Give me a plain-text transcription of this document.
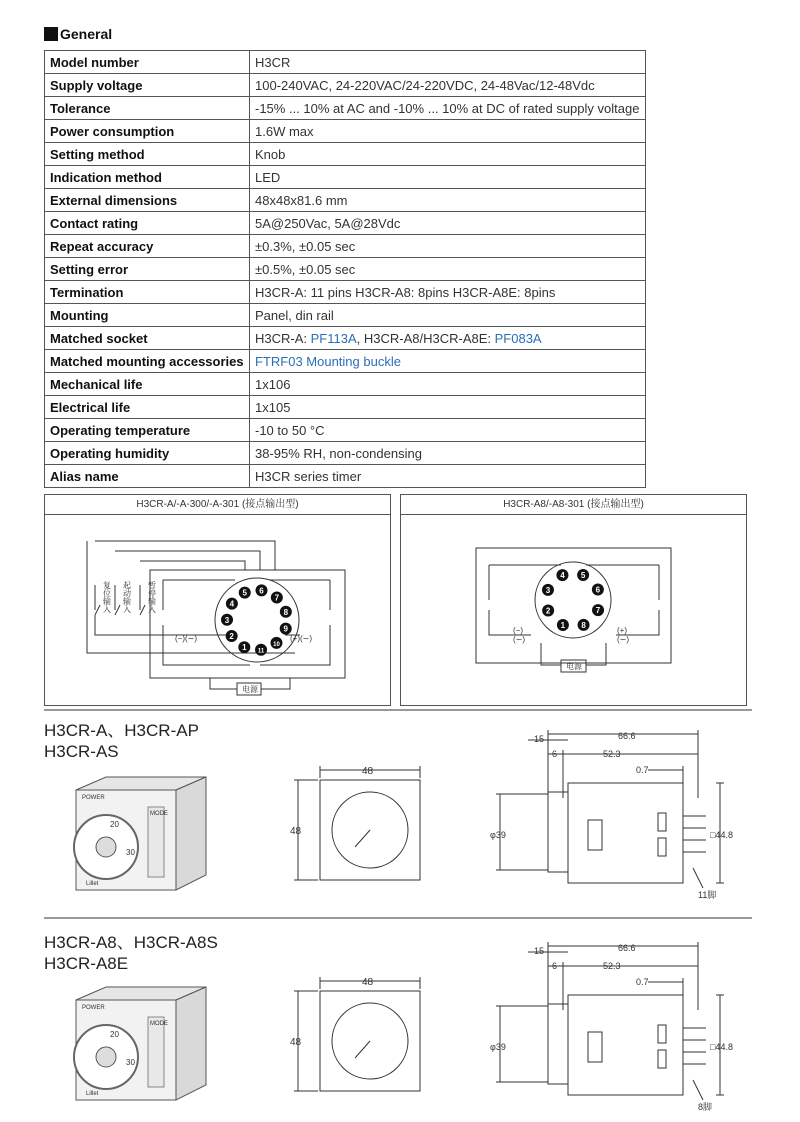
General
Model number	H3CR
Supply voltage	100-240VAC, 24-220VAC/24-220VDC, 24-48Vac/12-48Vdc
Tolerance	-15% ... 10% at AC and -10% ... 10% at DC of rated supply voltage
Power consumption	1.6W max
Setting method	Knob
Indication method	LED
External dimensions	48x48x81.6 mm
Contact rating	5A@250Vac, 5A@28Vdc
Repeat accuracy	±0.3%, ±0.05 sec
Setting error	±0.5%, ±0.05 sec
Termination	H3CR-A: 11 pins H3CR-A8: 8pins H3CR-A8E: 8pins
Mounting	Panel, din rail
Matched socket	H3CR-A: PF113A, H3CR-A8/H3CR-A8E: PF083A
Matched mounting accessories	FTRF03 Mounting buckle
Mechanical life	1x106
Electrical life	1x105
Operating temperature	-10 to 50 °C
Operating humidity	38-95% RH, non-condensing
Alias name	H3CR series timer
H3CR-A/-A-300/-A-301 (接点输出型)
1
2
3
4
5 6
7
8
9
10
11
复位输入 起动输入 暂停输入
(−)(∼)	(+)(∼)
电源
H3CR-A8/-A8-301 (接点输出型)
1
2
3
4 5
6
7
8
(−)
(∼)
(+)
(∼)
电源
H3CR-A、H3CR-AP
H3CR-AS
POWER
MODE
20
30
Lillet
48
48
66.6
15
6	52.3
0.7
φ39	□44.8
11脚
H3CR-A8、H3CR-A8S
H3CR-A8E
POWER
MODE
20
30
Lillet
48
48
66.6
15
6	52.3
0.7
φ39	□44.8
8脚
